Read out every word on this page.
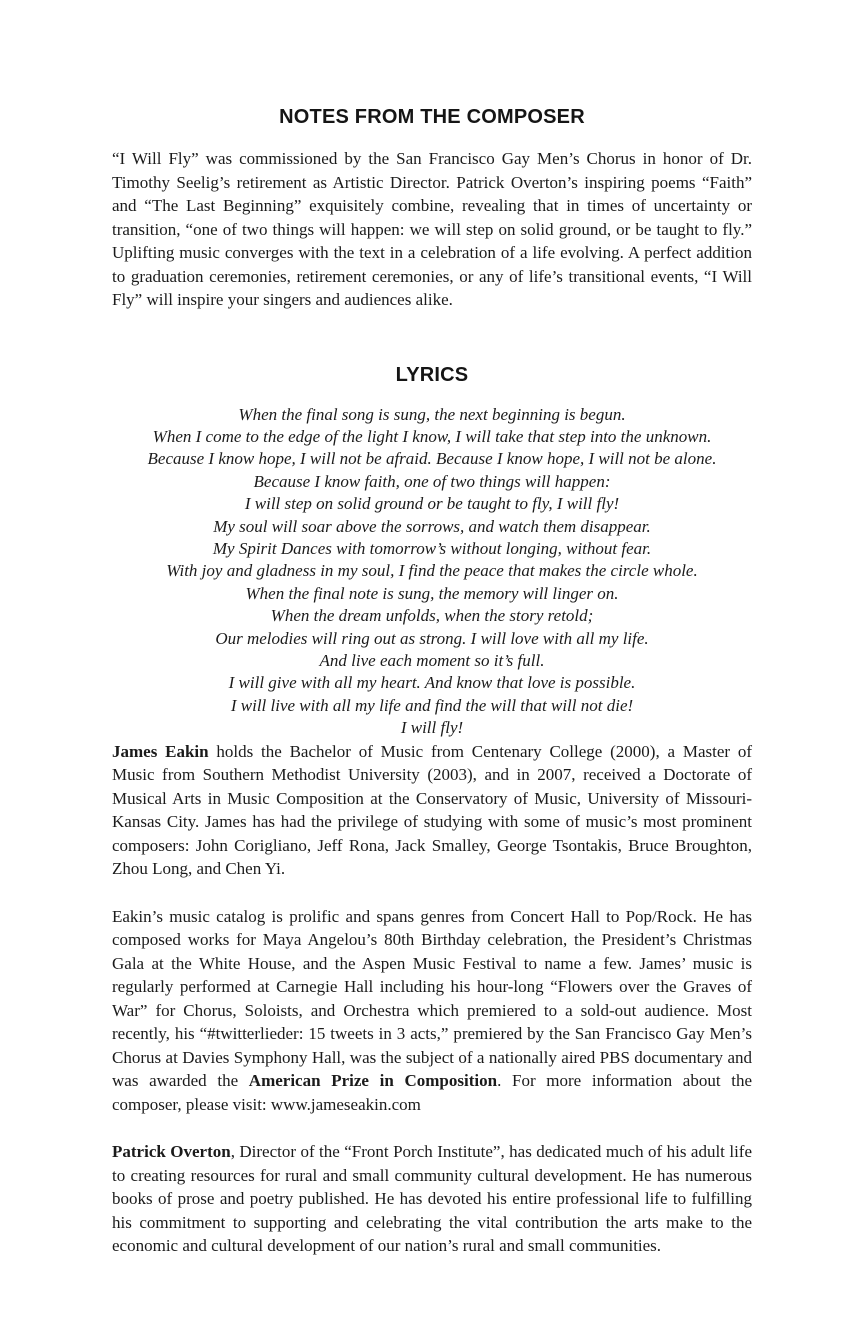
NOTES FROM THE COMPOSER

“I Will Fly” was commissioned by the San Francisco Gay Men’s Chorus in honor of Dr. Timothy Seelig’s retirement as Artistic Director. Patrick Overton’s inspiring poems “Faith” and “The Last Beginning” exquisitely combine, revealing that in times of uncertainty or transition, “one of two things will happen: we will step on solid ground, or be taught to fly.” Uplifting music converges with the text in a celebration of a life evolving. A perfect addition to graduation ceremonies, retirement ceremonies, or any of life’s transitional events, “I Will Fly” will inspire your singers and audiences alike.

LYRICS

When the final song is sung, the next beginning is begun.

When I come to the edge of the light I know, I will take that step into the unknown.

Because I know hope, I will not be afraid. Because I know hope, I will not be alone.

Because I know faith, one of two things will happen:

I will step on solid ground or be taught to fly, I will fly!

My soul will soar above the sorrows, and watch them disappear.

My Spirit Dances with tomorrow’s without longing, without fear.

With joy and gladness in my soul, I find the peace that makes the circle whole.

When the final note is sung, the memory will linger on.

When the dream unfolds, when the story retold;

Our melodies will ring out as strong. I will love with all my life.

And live each moment so it’s full.

I will give with all my heart. And know that love is possible.

I will live with all my life and find the will that will not die!

I will fly!

James Eakin holds the Bachelor of Music from Centenary College (2000), a Master of Music from Southern Methodist University (2003), and in 2007, received a Doctorate of Musical Arts in Music Composition at the Conservatory of Music, University of Missouri-Kansas City. James has had the privilege of studying with some of music’s most prominent composers: John Corigliano, Jeff Rona, Jack Smalley, George Tsontakis, Bruce Broughton, Zhou Long, and Chen Yi.

Eakin’s music catalog is prolific and spans genres from Concert Hall to Pop/Rock. He has composed works for Maya Angelou’s 80th Birthday celebration, the President’s Christmas Gala at the White House, and the Aspen Music Festival to name a few. James’ music is regularly performed at Carnegie Hall including his hour-long “Flowers over the Graves of War” for Chorus, Soloists, and Orchestra which premiered to a sold-out audience. Most recently, his “#twitterlieder: 15 tweets in 3 acts,” premiered by the San Francisco Gay Men’s Chorus at Davies Symphony Hall, was the subject of a nationally aired PBS documentary and was awarded the American Prize in Composition. For more information about the composer, please visit: www.jameseakin.com

Patrick Overton, Director of the “Front Porch Institute”, has dedicated much of his adult life to creating resources for rural and small community cultural development. He has numerous books of prose and poetry published. He has devoted his entire professional life to fulfilling his commitment to supporting and celebrating the vital contribution the arts make to the economic and cultural development of our nation’s rural and small communities.
